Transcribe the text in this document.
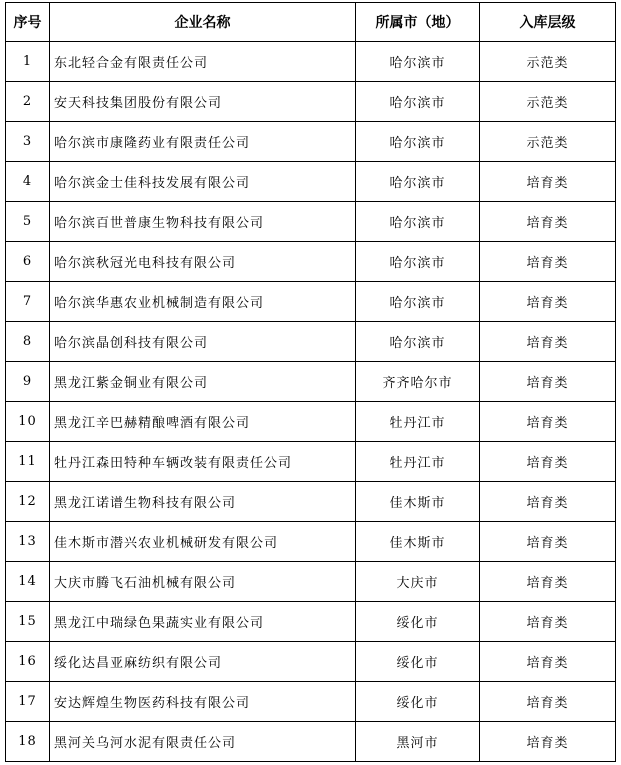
序号	企业名称	所属市（地）	入库层级
1	东北轻合金有限责任公司	哈尔滨市	示范类
2	安天科技集团股份有限公司	哈尔滨市	示范类
3	哈尔滨市康隆药业有限责任公司	哈尔滨市	示范类
4	哈尔滨金士佳科技发展有限公司	哈尔滨市	培育类
5	哈尔滨百世普康生物科技有限公司	哈尔滨市	培育类
6	哈尔滨秋冠光电科技有限公司	哈尔滨市	培育类
7	哈尔滨华惠农业机械制造有限公司	哈尔滨市	培育类
8	哈尔滨晶创科技有限公司	哈尔滨市	培育类
9	黑龙江紫金铜业有限公司	齐齐哈尔市	培育类
10	黑龙江辛巴赫精酿啤酒有限公司	牡丹江市	培育类
11	牡丹江森田特种车辆改装有限责任公司	牡丹江市	培育类
12	黑龙江诺谱生物科技有限公司	佳木斯市	培育类
13	佳木斯市潜兴农业机械研发有限公司	佳木斯市	培育类
14	大庆市腾飞石油机械有限公司	大庆市	培育类
15	黑龙江中瑞绿色果蔬实业有限公司	绥化市	培育类
16	绥化达昌亚麻纺织有限公司	绥化市	培育类
17	安达辉煌生物医药科技有限公司	绥化市	培育类
18	黑河关乌河水泥有限责任公司	黑河市	培育类
